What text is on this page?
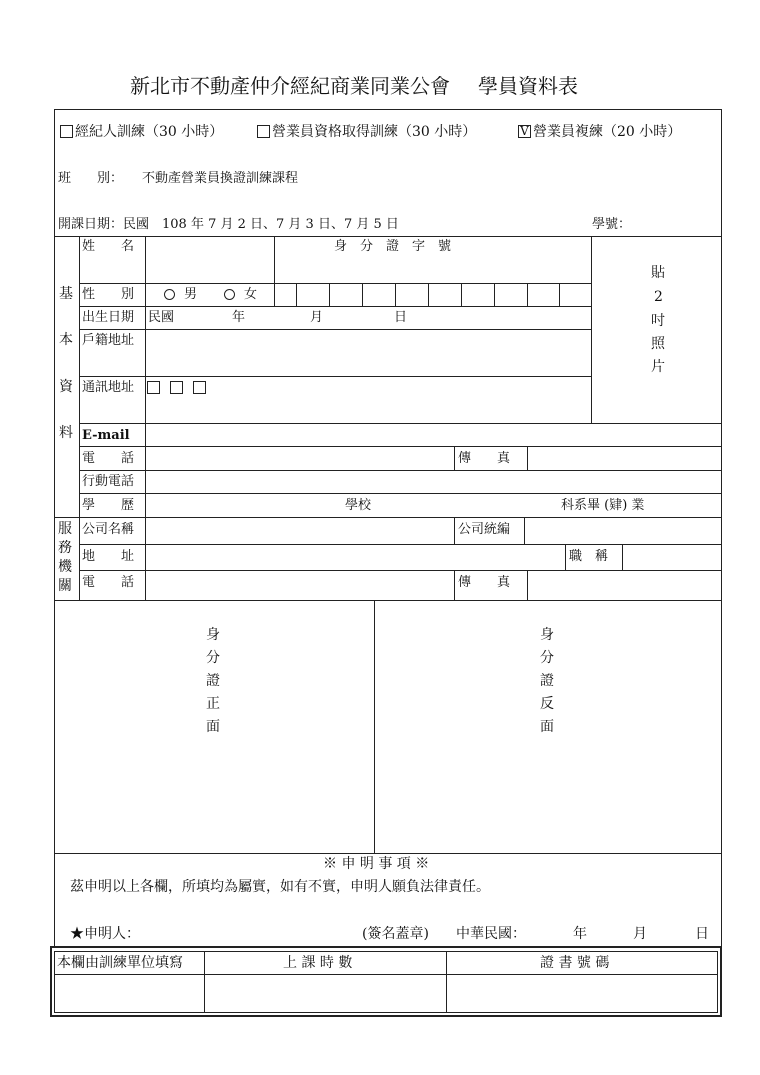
新北市不動產仲介經紀商業同業公會 學員資料表
經紀人訓練（30 小時）	營業員資格取得訓練（30 小時）	V 營業員複練（20 小時）
班　　別： 不動產營業員換證訓練課程
開課日期：民國　108 年 7 月 2 日、7 月 3 日、7 月 5 日	學號：
基
本
資
料
姓　　名	身　分　證　字　號
性　　別	男	女
出生日期 民國	年	月	日
戶籍地址
通訊地址
貼
2
吋
照
片
E-mail
電　　話	傳　　真
行動電話
學　　歷	學校	科系畢 (肄) 業
服
務
機
關
公司名稱	公司統編
地　　址	職　稱
電　　話	傳　　真
身
分
證
正
面
身
分
證
反
面
※ 申 明 事 項 ※
茲申明以上各欄，所填均為屬實，如有不實，申明人願負法律責任。
★申明人：	(簽名蓋章) 中華民國：	年	月	日
本欄由訓練單位填寫	上 課 時 數	證 書 號 碼
